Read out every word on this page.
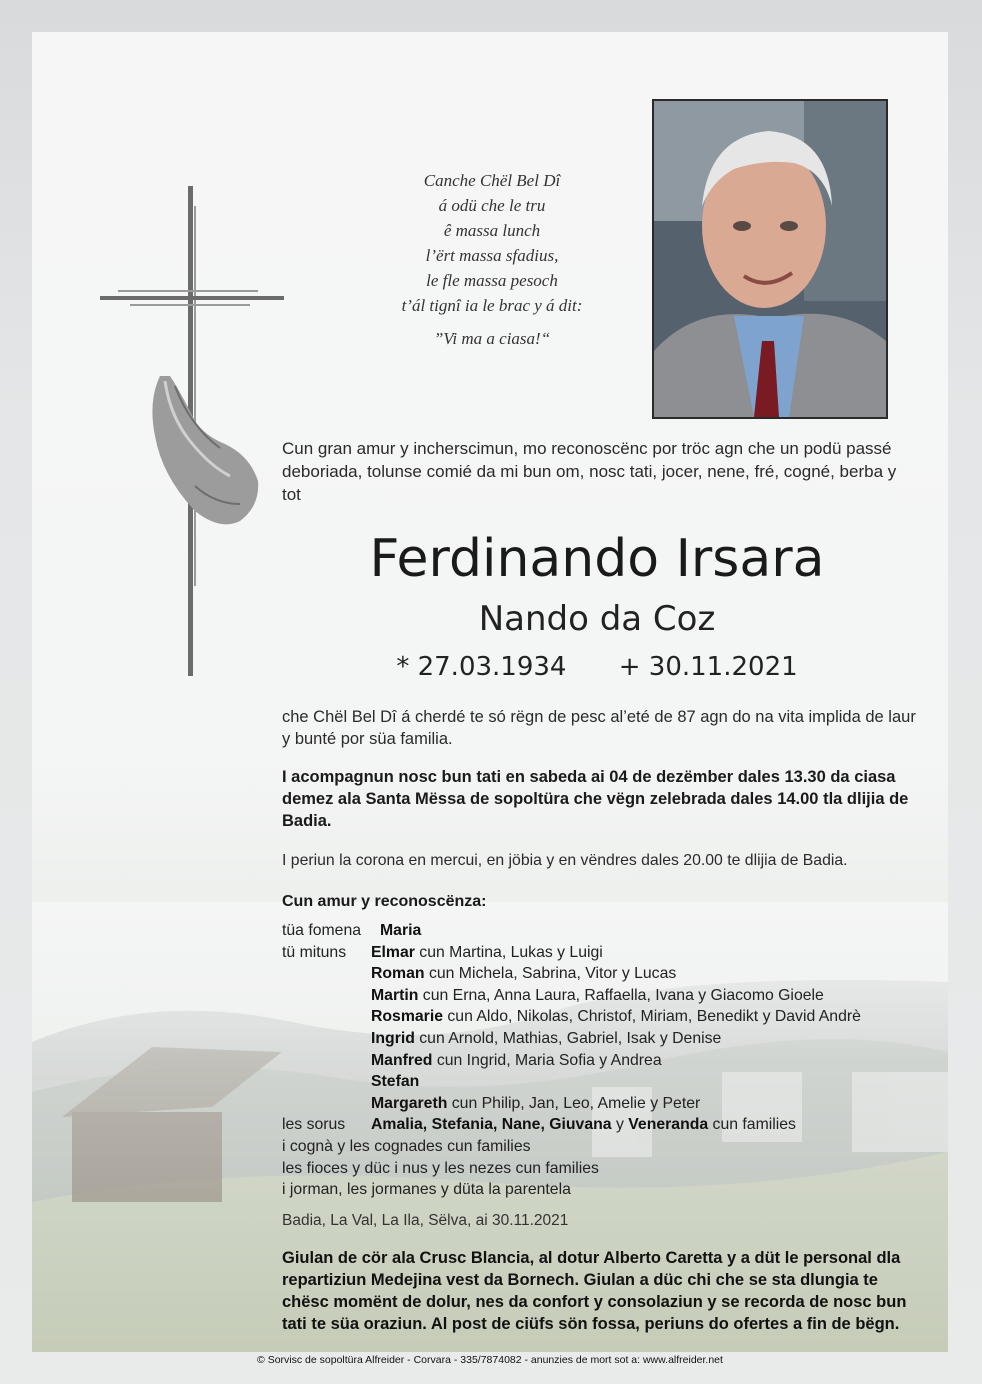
Canche Chël Bel Dî
á odü che le tru
ê massa lunch
l’ërt massa sfadius,
le fle massa pesoch
t’ál tignî ia le brac y á dit:
”Vi ma a ciasa!“
Cun gran amur y incherscimun, mo reconoscënc por tröc agn che un podü passé deboriada, tolunse comié da mi bun om, nosc tati, jocer, nene, fré, cogné, berba y tot
Ferdinando Irsara
Nando da Coz
* 27.03.1934 + 30.11.2021
che Chël Bel Dî á cherdé te só rëgn de pesc al’eté de 87 agn do na vita implida de laur y bunté por süa familia.
I acompagnun nosc bun tati en sabeda ai 04 de dezëmber dales 13.30 da ciasa demez ala Santa Mëssa de sopoltüra che vëgn zelebrada dales 14.00 tla dlijia de Badia.
I periun la corona en mercui, en jöbia y en vëndres dales 20.00 te dlijia de Badia.
Cun amur y reconoscënza:
tüa fomena Maria
tü mituns Elmar cun Martina, Lukas y Luigi
Roman cun Michela, Sabrina, Vitor y Lucas
Martin cun Erna, Anna Laura, Raffaella, Ivana y Giacomo Gioele
Rosmarie cun Aldo, Nikolas, Christof, Miriam, Benedikt y David Andrè
Ingrid cun Arnold, Mathias, Gabriel, Isak y Denise
Manfred cun Ingrid, Maria Sofia y Andrea
Stefan
Margareth cun Philip, Jan, Leo, Amelie y Peter
les sorus Amalia, Stefania, Nane, Giuvana y Veneranda cun families
i cognà y les cognades cun families
les fioces y düc i nus y les nezes cun families
i jorman, les jormanes y düta la parentela
Badia, La Val, La Ila, Sëlva, ai 30.11.2021
Giulan de cör ala Crusc Blancia, al dotur Alberto Caretta y a düt le personal dla repartiziun Medejina vest da Bornech. Giulan a düc chi che se sta dlungia te chësc momënt de dolur, nes da confort y consolaziun y se recorda de nosc bun tati te süa oraziun. Al post de ciüfs sön fossa, periuns do ofertes a fin de bëgn.
© Sorvisc de sopoltüra Alfreider - Corvara - 335/7874082 - anunzies de mort sot a: www.alfreider.net
